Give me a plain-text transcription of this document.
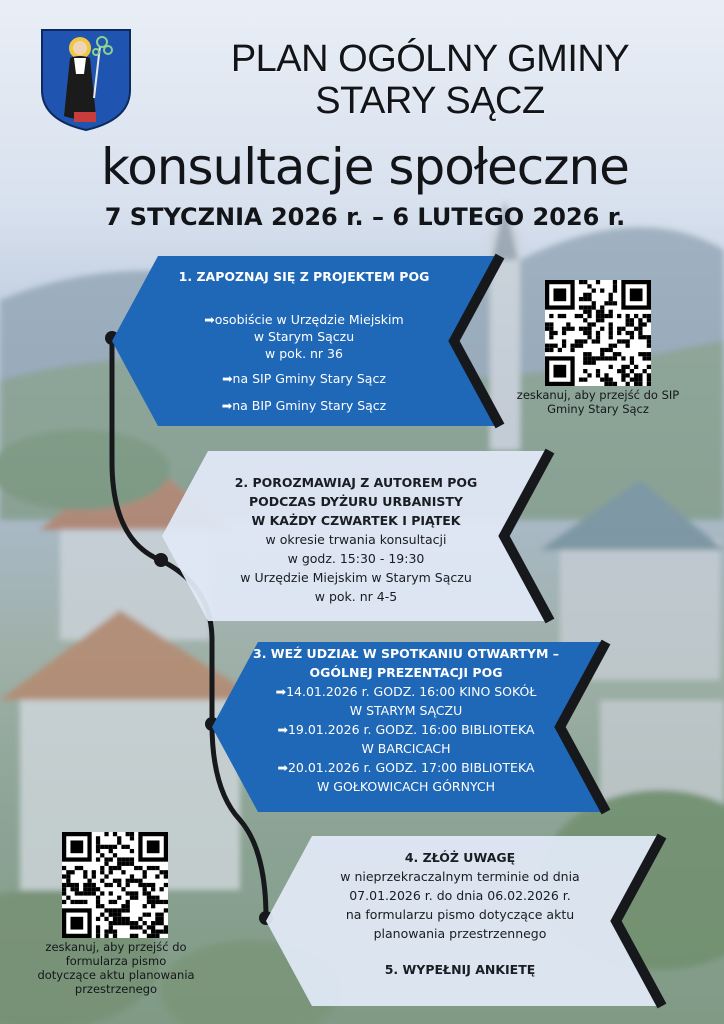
PLAN OGÓLNY GMINY
STARY SĄCZ
konsultacje społeczne
7 STYCZNIA 2026 r. – 6 LUTEGO 2026 r.
1. ZAPOZNAJ SIĘ Z PROJEKTEM POG
➡osobiście w Urzędzie Miejskim
w Starym Sączu
w pok. nr 36
➡na SIP Gminy Stary Sącz
➡na BIP Gminy Stary Sącz
2. POROZMAWIAJ Z AUTOREM POG
PODCZAS DYŻURU URBANISTY
W KAŻDY CZWARTEK I PIĄTEK
w okresie trwania konsultacji
w godz. 15:30 - 19:30
w Urzędzie Miejskim w Starym Sączu
w pok. nr 4-5
3. WEŹ UDZIAŁ W SPOTKANIU OTWARTYM –
OGÓLNEJ PREZENTACJI POG
➡14.01.2026 r. GODZ. 16:00 KINO SOKÓŁ
W STARYM SĄCZU
➡19.01.2026 r. GODZ. 16:00 BIBLIOTEKA
W BARCICACH
➡20.01.2026 r. GODZ. 17:00 BIBLIOTEKA
W GOŁKOWICACH GÓRNYCH
4. ZŁÓŻ UWAGĘ
w nieprzekraczalnym terminie od dnia
07.01.2026 r. do dnia 06.02.2026 r.
na formularzu pismo dotyczące aktu
planowania przestrzennego
5. WYPEŁNIJ ANKIETĘ
zeskanuj, aby przejść do SIP
Gminy Stary Sącz
zeskanuj, aby przejść do
formularza pismo
dotyczące aktu planowania
przestrzenego
